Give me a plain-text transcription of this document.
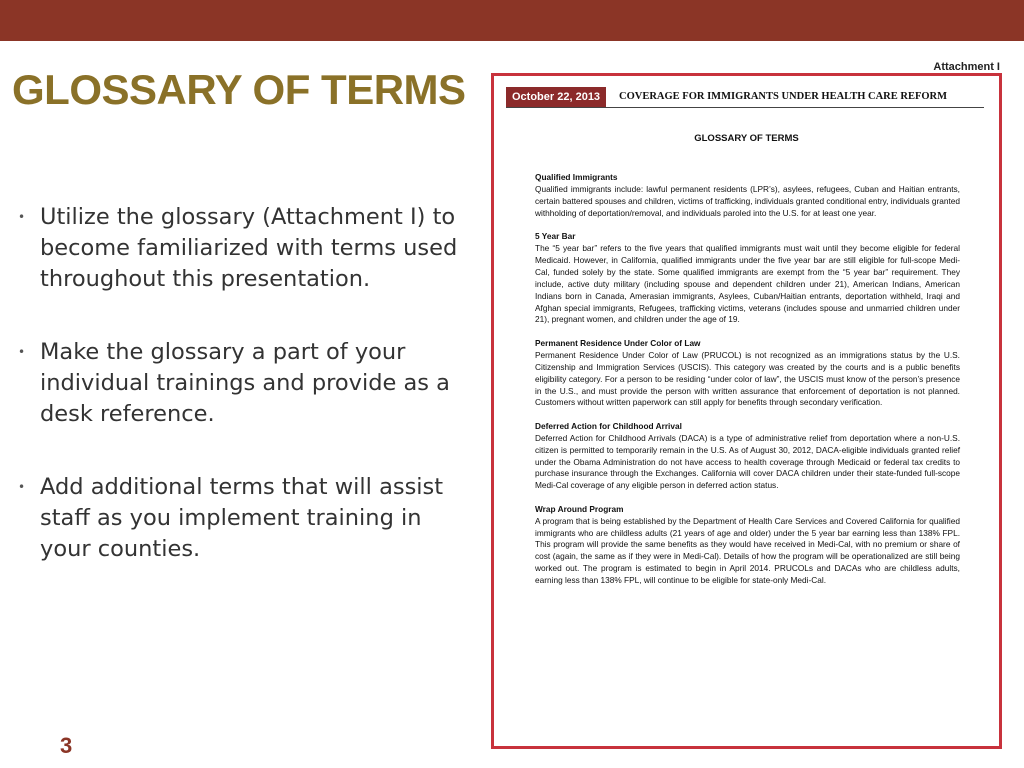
GLOSSARY OF TERMS
• Utilize the glossary (Attachment I) to become familiarized with terms used throughout this presentation.
• Make the glossary a part of your individual trainings and provide as a desk reference.
• Add additional terms that will assist staff as you implement training in your counties.
3
Attachment I
October 22, 2013	COVERAGE FOR IMMIGRANTS UNDER HEALTH CARE REFORM
GLOSSARY OF TERMS
Qualified Immigrants
Qualified immigrants include: lawful permanent residents (LPR’s), asylees, refugees, Cuban and Haitian entrants, certain battered spouses and children, victims of trafficking, individuals granted conditional entry, individuals granted withholding of deportation/removal, and individuals paroled into the U.S. for at least one year.
5 Year Bar
The “5 year bar” refers to the five years that qualified immigrants must wait until they become eligible for federal Medicaid. However, in California, qualified immigrants under the five year bar are still eligible for full-scope Medi-Cal, funded solely by the state. Some qualified immigrants are exempt from the “5 year bar” requirement. They include, active duty military (including spouse and dependent children under 21), American Indians, American Indians born in Canada, Amerasian immigrants, Asylees, Cuban/Haitian entrants, deportation withheld, Iraqi and Afghan special immigrants, Refugees, trafficking victims, veterans (includes spouse and unmarried children under 21), pregnant women, and children under the age of 19.
Permanent Residence Under Color of Law
Permanent Residence Under Color of Law (PRUCOL) is not recognized as an immigrations status by the U.S. Citizenship and Immigration Services (USCIS). This category was created by the courts and is a public benefits eligibility category. For a person to be residing “under color of law”, the USCIS must know of the person’s presence in the U.S., and must provide the person with written assurance that enforcement of deportation is not planned. Customers without written paperwork can still apply for benefits through secondary verification.
Deferred Action for Childhood Arrival
Deferred Action for Childhood Arrivals (DACA) is a type of administrative relief from deportation where a non-U.S. citizen is permitted to temporarily remain in the U.S. As of August 30, 2012, DACA-eligible individuals granted relief under the Obama Administration do not have access to health coverage through Medicaid or federal tax credits to purchase insurance through the Exchanges. California will cover DACA children under their state-funded full-scope Medi-Cal coverage of any eligible person in deferred action status.
Wrap Around Program
A program that is being established by the Department of Health Care Services and Covered California for qualified immigrants who are childless adults (21 years of age and older) under the 5 year bar earning less than 138% FPL. This program will provide the same benefits as they would have received in Medi-Cal, with no premium or share of cost (again, the same as if they were in Medi-Cal). Details of how the program will be operationalized are still being worked out. The program is estimated to begin in April 2014. PRUCOLs and DACAs who are childless adults, earning less than 138% FPL, will continue to be eligible for state-only Medi-Cal.
